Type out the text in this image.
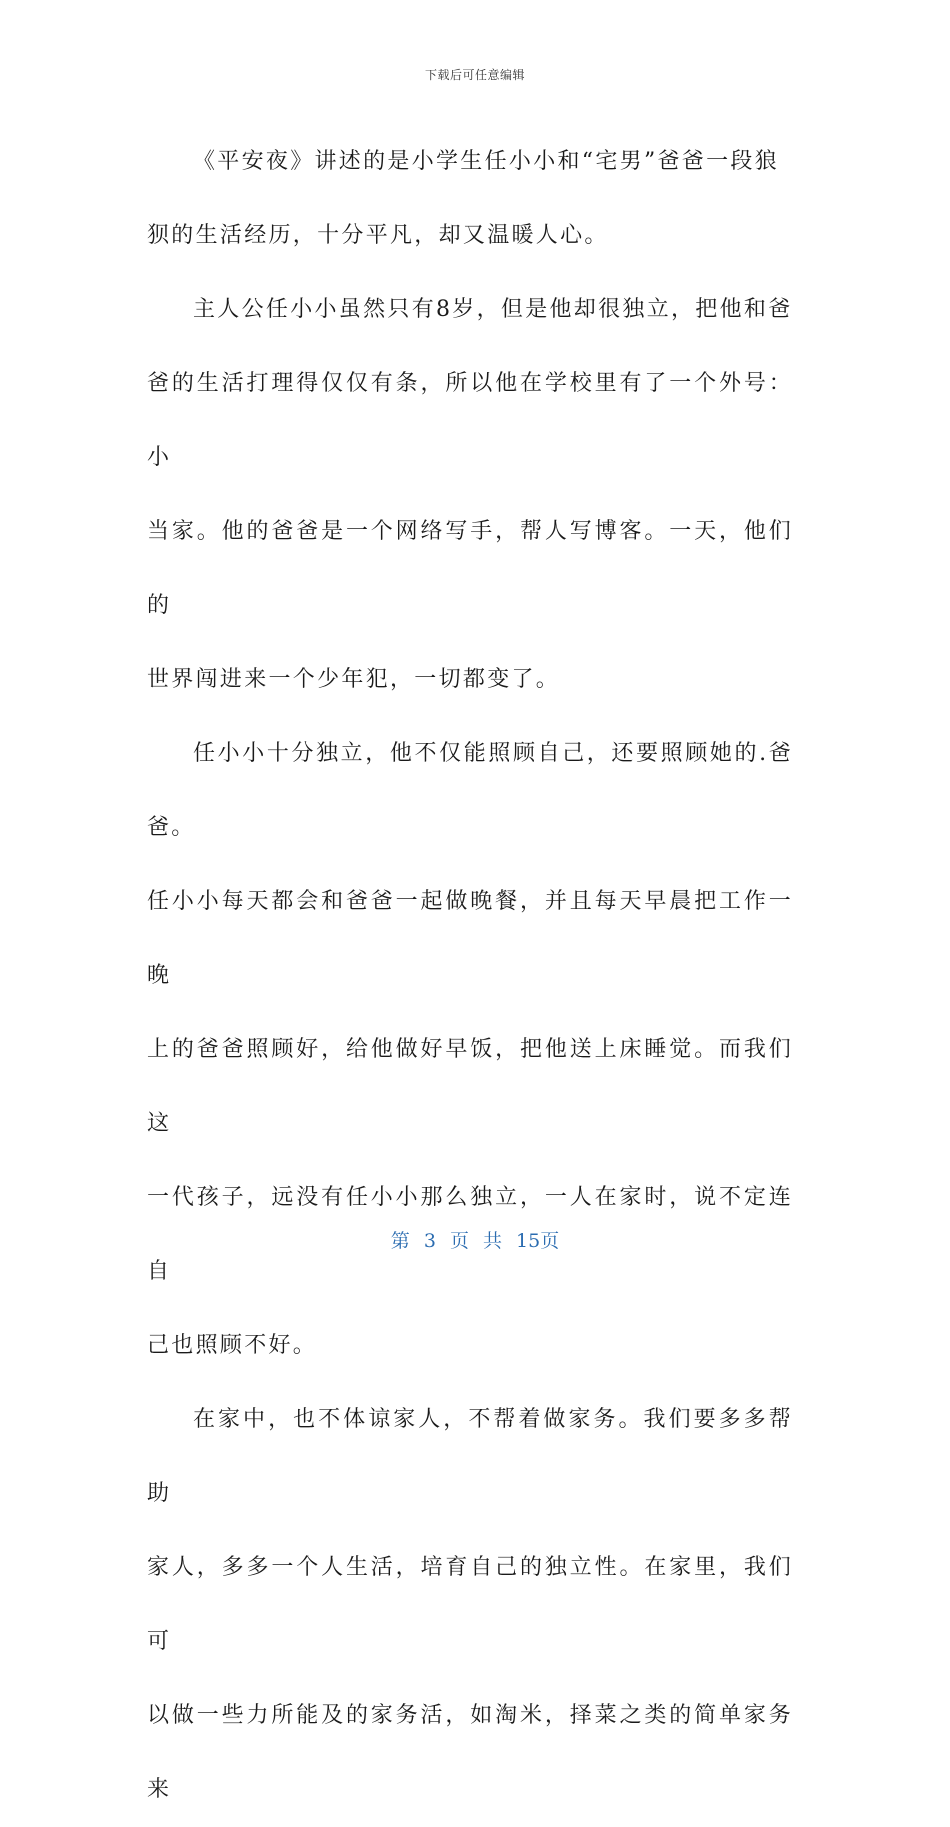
下载后可任意编辑

《平安夜》讲述的是小学生任小小和“宅男”爸爸一段狼
狈的生活经历，十分平凡，却又温暖人心。

主人公任小小虽然只有8岁，但是他却很独立，把他和爸
爸的生活打理得仅仅有条，所以他在学校里有了一个外号：小
当家。他的爸爸是一个网络写手，帮人写博客。一天，他们的
世界闯进来一个少年犯，一切都变了。

任小小十分独立，他不仅能照顾自己，还要照顾她的.爸爸。
任小小每天都会和爸爸一起做晚餐，并且每天早晨把工作一晚
上的爸爸照顾好，给他做好早饭，把他送上床睡觉。而我们这
一代孩子，远没有任小小那么独立，一人在家时，说不定连自
己也照顾不好。

在家中，也不体谅家人，不帮着做家务。我们要多多帮助
家人，多多一个人生活，培育自己的独立性。在家里，我们可
以做一些力所能及的家务活，如淘米，择菜之类的简单家务来

第 3 页 共 15页
